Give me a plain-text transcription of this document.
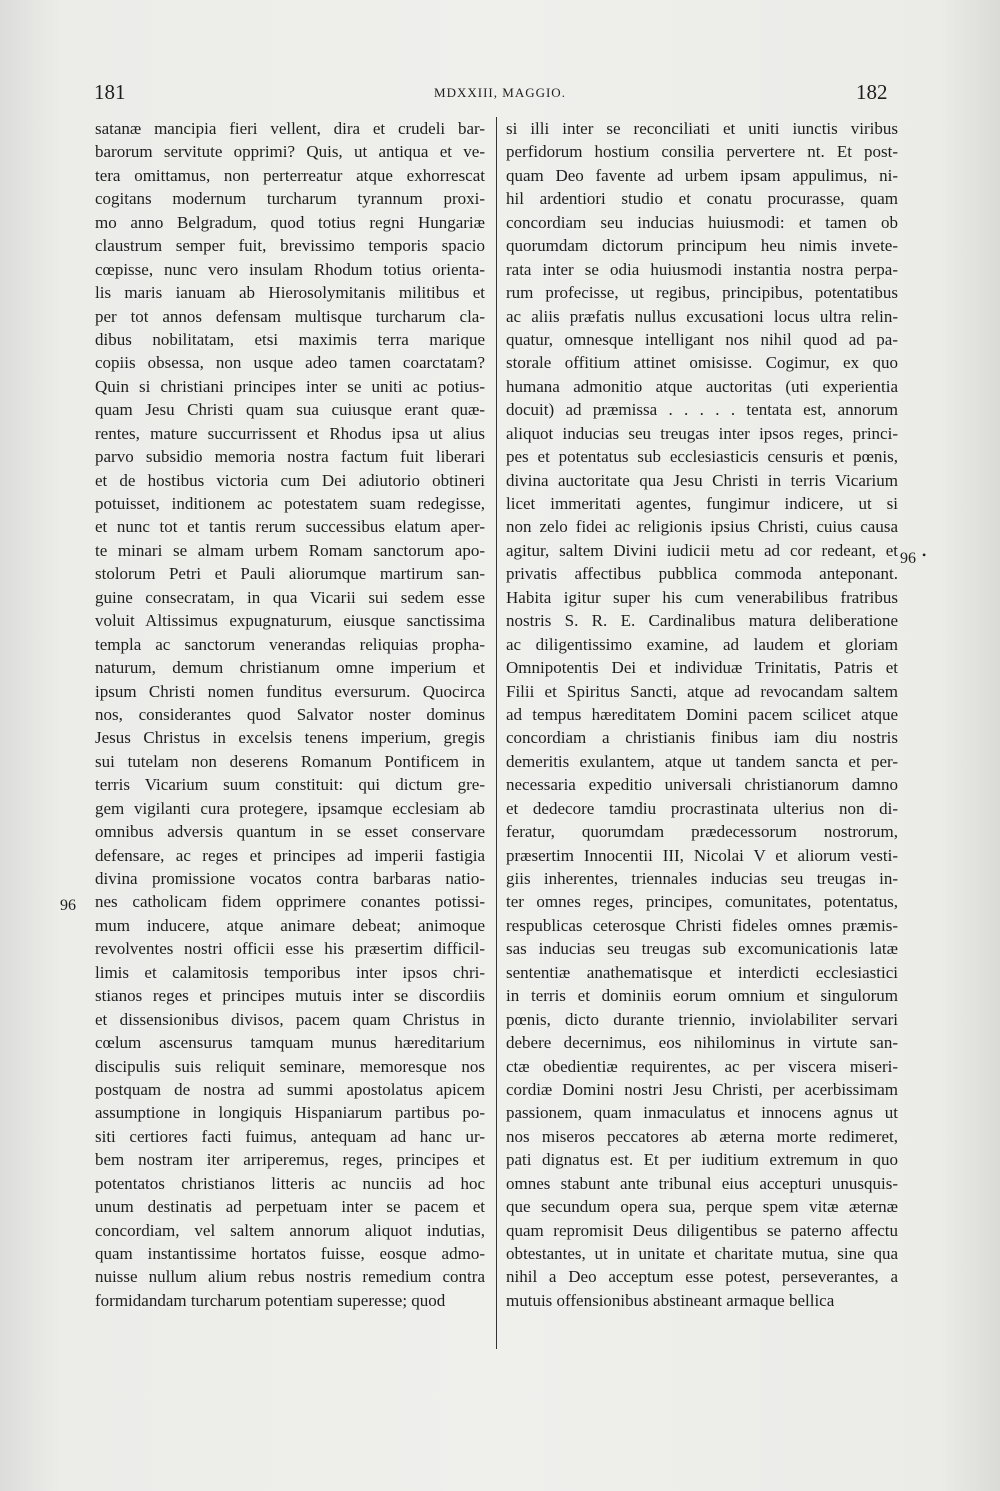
181	MDXXIII, MAGGIO.	182
satanæ mancipia fieri vellent, dira et crudeli bar-
barorum servitute opprimi? Quis, ut antiqua et ve-
tera omittamus, non perterreatur atque exhorrescat
cogitans modernum turcharum tyrannum proxi-
mo anno Belgradum, quod totius regni Hungariæ
claustrum semper fuit, brevissimo temporis spacio
cœpisse, nunc vero insulam Rhodum totius orienta-
lis maris ianuam ab Hierosolymitanis militibus et
per tot annos defensam multisque turcharum cla-
dibus nobilitatam, etsi maximis terra marique
copiis obsessa, non usque adeo tamen coarctatam?
Quin si christiani principes inter se uniti ac potius-
quam Jesu Christi quam sua cuiusque erant quæ-
rentes, mature succurrissent et Rhodus ipsa ut alius
parvo subsidio memoria nostra factum fuit liberari
et de hostibus victoria cum Dei adiutorio obtineri
potuisset, inditionem ac potestatem suam redegisse,
et nunc tot et tantis rerum successibus elatum aper-
te minari se almam urbem Romam sanctorum apo-
stolorum Petri et Pauli aliorumque martirum san-
guine consecratam, in qua Vicarii sui sedem esse
voluit Altissimus expugnaturum, eiusque sanctissima
templa ac sanctorum venerandas reliquias propha-
naturum, demum christianum omne imperium et
ipsum Christi nomen funditus eversurum. Quocirca
nos, considerantes quod Salvator noster dominus
Jesus Christus in excelsis tenens imperium, gregis
sui tutelam non deserens Romanum Pontificem in
terris Vicarium suum constituit: qui dictum gre-
gem vigilanti cura protegere, ipsamque ecclesiam ab
omnibus adversis quantum in se esset conservare
defensare, ac reges et principes ad imperii fastigia
divina promissione vocatos contra barbaras natio-
nes catholicam fidem opprimere conantes potissi-
mum inducere, atque animare debeat; animoque
revolventes nostri officii esse his præsertim difficil-
limis et calamitosis temporibus inter ipsos chri-
stianos reges et principes mutuis inter se discordiis
et dissensionibus divisos, pacem quam Christus in
cœlum ascensurus tamquam munus hæreditarium
discipulis suis reliquit seminare, memoresque nos
postquam de nostra ad summi apostolatus apicem
assumptione in longiquis Hispaniarum partibus po-
siti certiores facti fuimus, antequam ad hanc ur-
bem nostram iter arriperemus, reges, principes et
potentatos christianos litteris ac nunciis ad hoc
unum destinatis ad perpetuam inter se pacem et
concordiam, vel saltem annorum aliquot indutias,
quam instantissime hortatos fuisse, eosque admo-
nuisse nullum alium rebus nostris remedium contra
formidandam turcharum potentiam superesse; quod
si illi inter se reconciliati et uniti iunctis viribus
perfidorum hostium consilia pervertere nt. Et post-
quam Deo favente ad urbem ipsam appulimus, ni-
hil ardentiori studio et conatu procurasse, quam
concordiam seu inducias huiusmodi: et tamen ob
quorumdam dictorum principum heu nimis invete-
rata inter se odia huiusmodi instantia nostra perpa-
rum profecisse, ut regibus, principibus, potentatibus
ac aliis præfatis nullus excusationi locus ultra relin-
quatur, omnesque intelligant nos nihil quod ad pa-
storale offitium attinet omisisse. Cogimur, ex quo
humana admonitio atque auctoritas (uti experientia
docuit) ad præmissa . . . . . tentata est, annorum
aliquot inducias seu treugas inter ipsos reges, princi-
pes et potentatus sub ecclesiasticis censuris et pœnis,
divina auctoritate qua Jesu Christi in terris Vicarium
licet immeritati agentes, fungimur indicere, ut si
non zelo fidei ac religionis ipsius Christi, cuius causa
agitur, saltem Divini iudicii metu ad cor redeant, et
privatis affectibus pubblica commoda anteponant.
Habita igitur super his cum venerabilibus fratribus
nostris S. R. E. Cardinalibus matura deliberatione
ac diligentissimo examine, ad laudem et gloriam
Omnipotentis Dei et individuæ Trinitatis, Patris et
Filii et Spiritus Sancti, atque ad revocandam saltem
ad tempus hæreditatem Domini pacem scilicet atque
concordiam a christianis finibus iam diu nostris
demeritis exulantem, atque ut tandem sancta et per-
necessaria expeditio universali christianorum damno
et dedecore tamdiu procrastinata ulterius non di-
feratur, quorumdam prædecessorum nostrorum,
præsertim Innocentii III, Nicolai V et aliorum vesti-
giis inherentes, triennales inducias seu treugas in-
ter omnes reges, principes, comunitates, potentatus,
respublicas ceterosque Christi fideles omnes præmis-
sas inducias seu treugas sub excomunicationis latæ
sententiæ anathematisque et interdicti ecclesiastici
in terris et dominiis eorum omnium et singulorum
pœnis, dicto durante triennio, inviolabiliter servari
debere decernimus, eos nihilominus in virtute san-
ctæ obedientiæ requirentes, ac per viscera miseri-
cordiæ Domini nostri Jesu Christi, per acerbissimam
passionem, quam inmaculatus et innocens agnus ut
nos miseros peccatores ab æterna morte redimeret,
pati dignatus est. Et per iuditium extremum in quo
omnes stabunt ante tribunal eius accepturi unusquis-
que secundum opera sua, perque spem vitæ æternæ
quam repromisit Deus diligentibus se paterno affectu
obtestantes, ut in unitate et charitate mutua, sine qua
nihil a Deo acceptum esse potest, perseverantes, a
mutuis offensionibus abstineant armaque bellica
96
96 •
